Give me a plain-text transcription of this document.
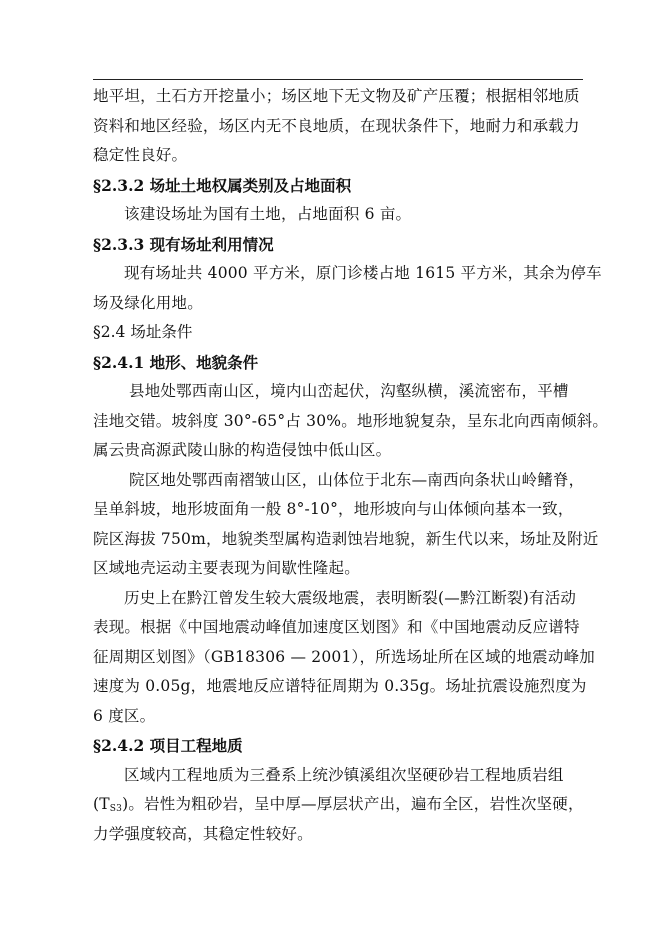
地平坦，土石方开挖量小；场区地下无文物及矿产压覆；根据相邻地质
资料和地区经验，场区内无不良地质，在现状条件下，地耐力和承载力
稳定性良好。
§2.3.2 场址土地权属类别及占地面积
该建设场址为国有土地，占地面积 6 亩。
§2.3.3 现有场址利用情况
现有场址共 4000 平方米，原门诊楼占地 1615 平方米，其余为停车
场及绿化用地。
§2.4 场址条件
§2.4.1 地形、地貌条件
县地处鄂西南山区，境内山峦起伏，沟壑纵横，溪流密布，平槽
洼地交错。坡斜度 30°-65°占 30%。地形地貌复杂，呈东北向西南倾斜。
属云贵高源武陵山脉的构造侵蚀中低山区。
院区地处鄂西南褶皱山区，山体位于北东—南西向条状山岭鳍脊，
呈单斜坡，地形坡面角一般 8°-10°，地形坡向与山体倾向基本一致，
院区海拔 750m，地貌类型属构造剥蚀岩地貌，新生代以来，场址及附近
区域地壳运动主要表现为间歇性隆起。
历史上在黔江曾发生较大震级地震，表明断裂(—黔江断裂)有活动
表现。根据《中国地震动峰值加速度区划图》和《中国地震动反应谱特
征周期区划图》（GB18306 — 2001），所选场址所在区域的地震动峰加
速度为 0.05g，地震地反应谱特征周期为 0.35g。场址抗震设施烈度为
6 度区。
§2.4.2 项目工程地质
区域内工程地质为三叠系上统沙镇溪组次坚硬砂岩工程地质岩组
$(T_{S3})$。岩性为粗砂岩，呈中厚—厚层状产出，遍布全区，岩性次坚硬，
力学强度较高，其稳定性较好。
